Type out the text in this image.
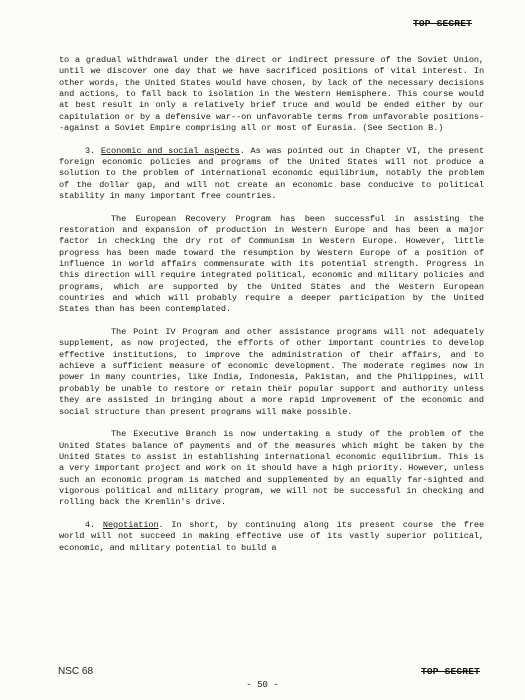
TOP SECRET

to a gradual withdrawal under the direct or indirect pressure of the Soviet Union, until we discover one day that we have sacrificed positions of vital interest. In other words, the United States would have chosen, by lack of the necessary decisions and actions, to fall back to isolation in the Western Hemisphere. This course would at best result in only a relatively brief truce and would be ended either by our capitulation or by a defensive war--on unfavorable terms from unfavorable positions--against a Soviet Empire comprising all or most of Eurasia. (See Section B.)

3. Economic and social aspects. As was pointed out in Chapter VI, the present foreign economic policies and programs of the United States will not produce a solution to the problem of international economic equilibrium, notably the problem of the dollar gap, and will not create an economic base conducive to political stability in many important free countries.

The European Recovery Program has been successful in assisting the restoration and expansion of production in Western Europe and has been a major factor in checking the dry rot of Communism in Western Europe. However, little progress has been made toward the resumption by Western Europe of a position of influence in world affairs commensurate with its potential strength. Progress in this direction will require integrated political, economic and military policies and programs, which are supported by the United States and the Western European countries and which will probably require a deeper participation by the United States than has been contemplated.

The Point IV Program and other assistance programs will not adequately supplement, as now projected, the efforts of other important countries to develop effective institutions, to improve the administration of their affairs, and to achieve a sufficient measure of economic development. The moderate regimes now in power in many countries, like India, Indonesia, Pakistan, and the Philippines, will probably be unable to restore or retain their popular support and authority unless they are assisted in bringing about a more rapid improvement of the economic and social structure than present programs will make possible.

The Executive Branch is now undertaking a study of the problem of the United States balance of payments and of the measures which might be taken by the United States to assist in establishing international economic equilibrium. This is a very important project and work on it should have a high priority. However, unless such an economic program is matched and supplemented by an equally far-sighted and vigorous political and military program, we will not be successful in checking and rolling back the Kremlin's drive.

4. Negotiation. In short, by continuing along its present course the free world will not succeed in making effective use of its vastly superior political, economic, and military potential to build a

NSC 68	TOP SECRET
- 50 -
